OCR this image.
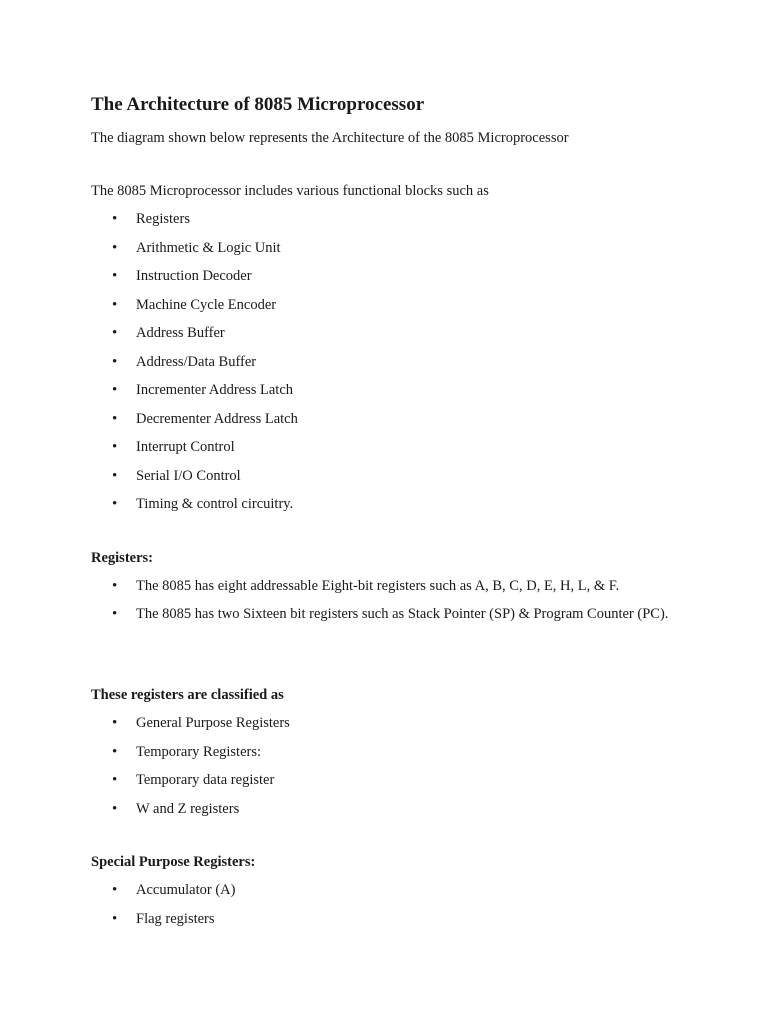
The Architecture of 8085 Microprocessor

The diagram shown below represents the Architecture of the 8085 Microprocessor

The 8085 Microprocessor includes various functional blocks such as

• Registers
• Arithmetic & Logic Unit
• Instruction Decoder
• Machine Cycle Encoder
• Address Buffer
• Address/Data Buffer
• Incrementer Address Latch
• Decrementer Address Latch
• Interrupt Control
• Serial I/O Control
• Timing & control circuitry.

Registers:

• The 8085 has eight addressable Eight-bit registers such as A, B, C, D, E, H, L, & F.
• The 8085 has two Sixteen bit registers such as Stack Pointer (SP) & Program Counter (PC).

These registers are classified as

• General Purpose Registers
• Temporary Registers:
• Temporary data register
• W and Z registers

Special Purpose Registers:

• Accumulator (A)
• Flag registers
